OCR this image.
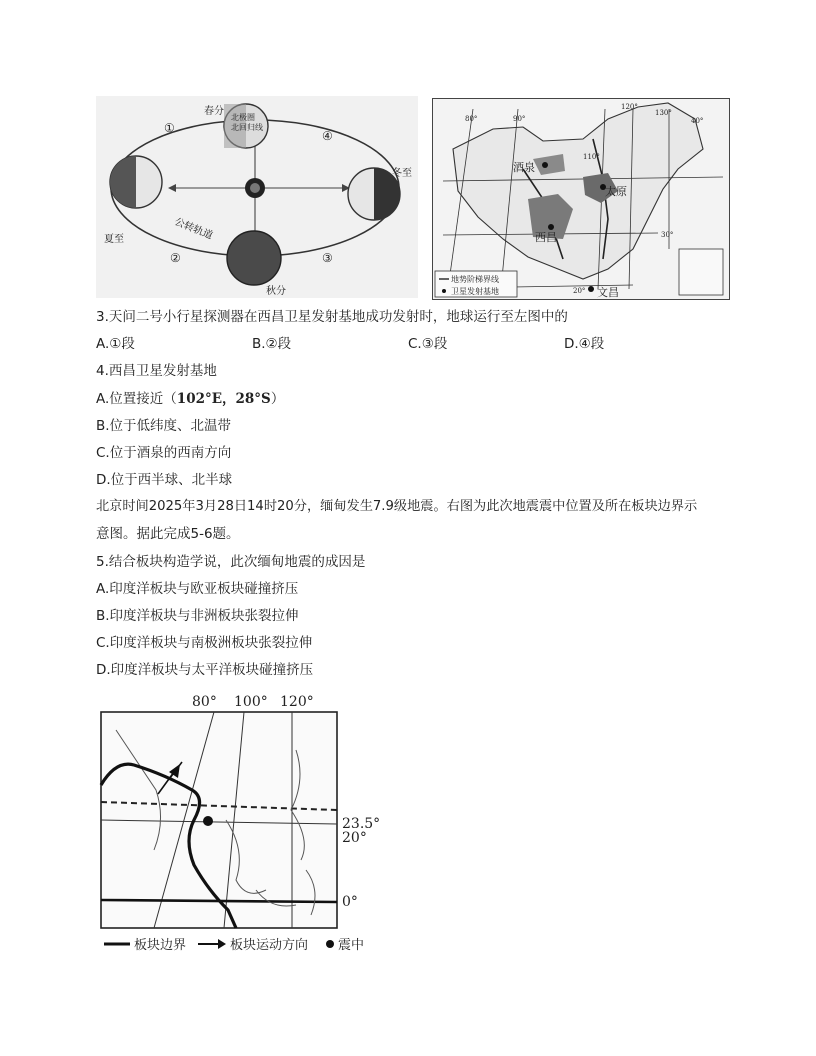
①
②	③
④
春分
夏至
秋分
冬至
公转轨道
北极圈
北回归线
酒泉
太原
西昌
文昌
80°	90°
110°
120°
130°
40°
30°
20°
地势阶梯界线
卫星发射基地
3.天问二号小行星探测器在西昌卫星发射基地成功发射时，地球运行至左图中的
A.①段	B.②段	C.③段	D.④段
4.西昌卫星发射基地
A.位置接近（102°E，28°S）
B.位于低纬度、北温带
C.位于酒泉的西南方向
D.位于西半球、北半球
北京时间2025年3月28日14时20分，缅甸发生7.9级地震。右图为此次地震震中位置及所在板块边界示
意图。据此完成5-6题。
5.结合板块构造学说，此次缅甸地震的成因是
A.印度洋板块与欧亚板块碰撞挤压
B.印度洋板块与非洲板块张裂拉伸
C.印度洋板块与南极洲板块张裂拉伸
D.印度洋板块与太平洋板块碰撞挤压
80° 100° 120°
23.5°
20°
0°
板块边界	板块运动方向 震中
